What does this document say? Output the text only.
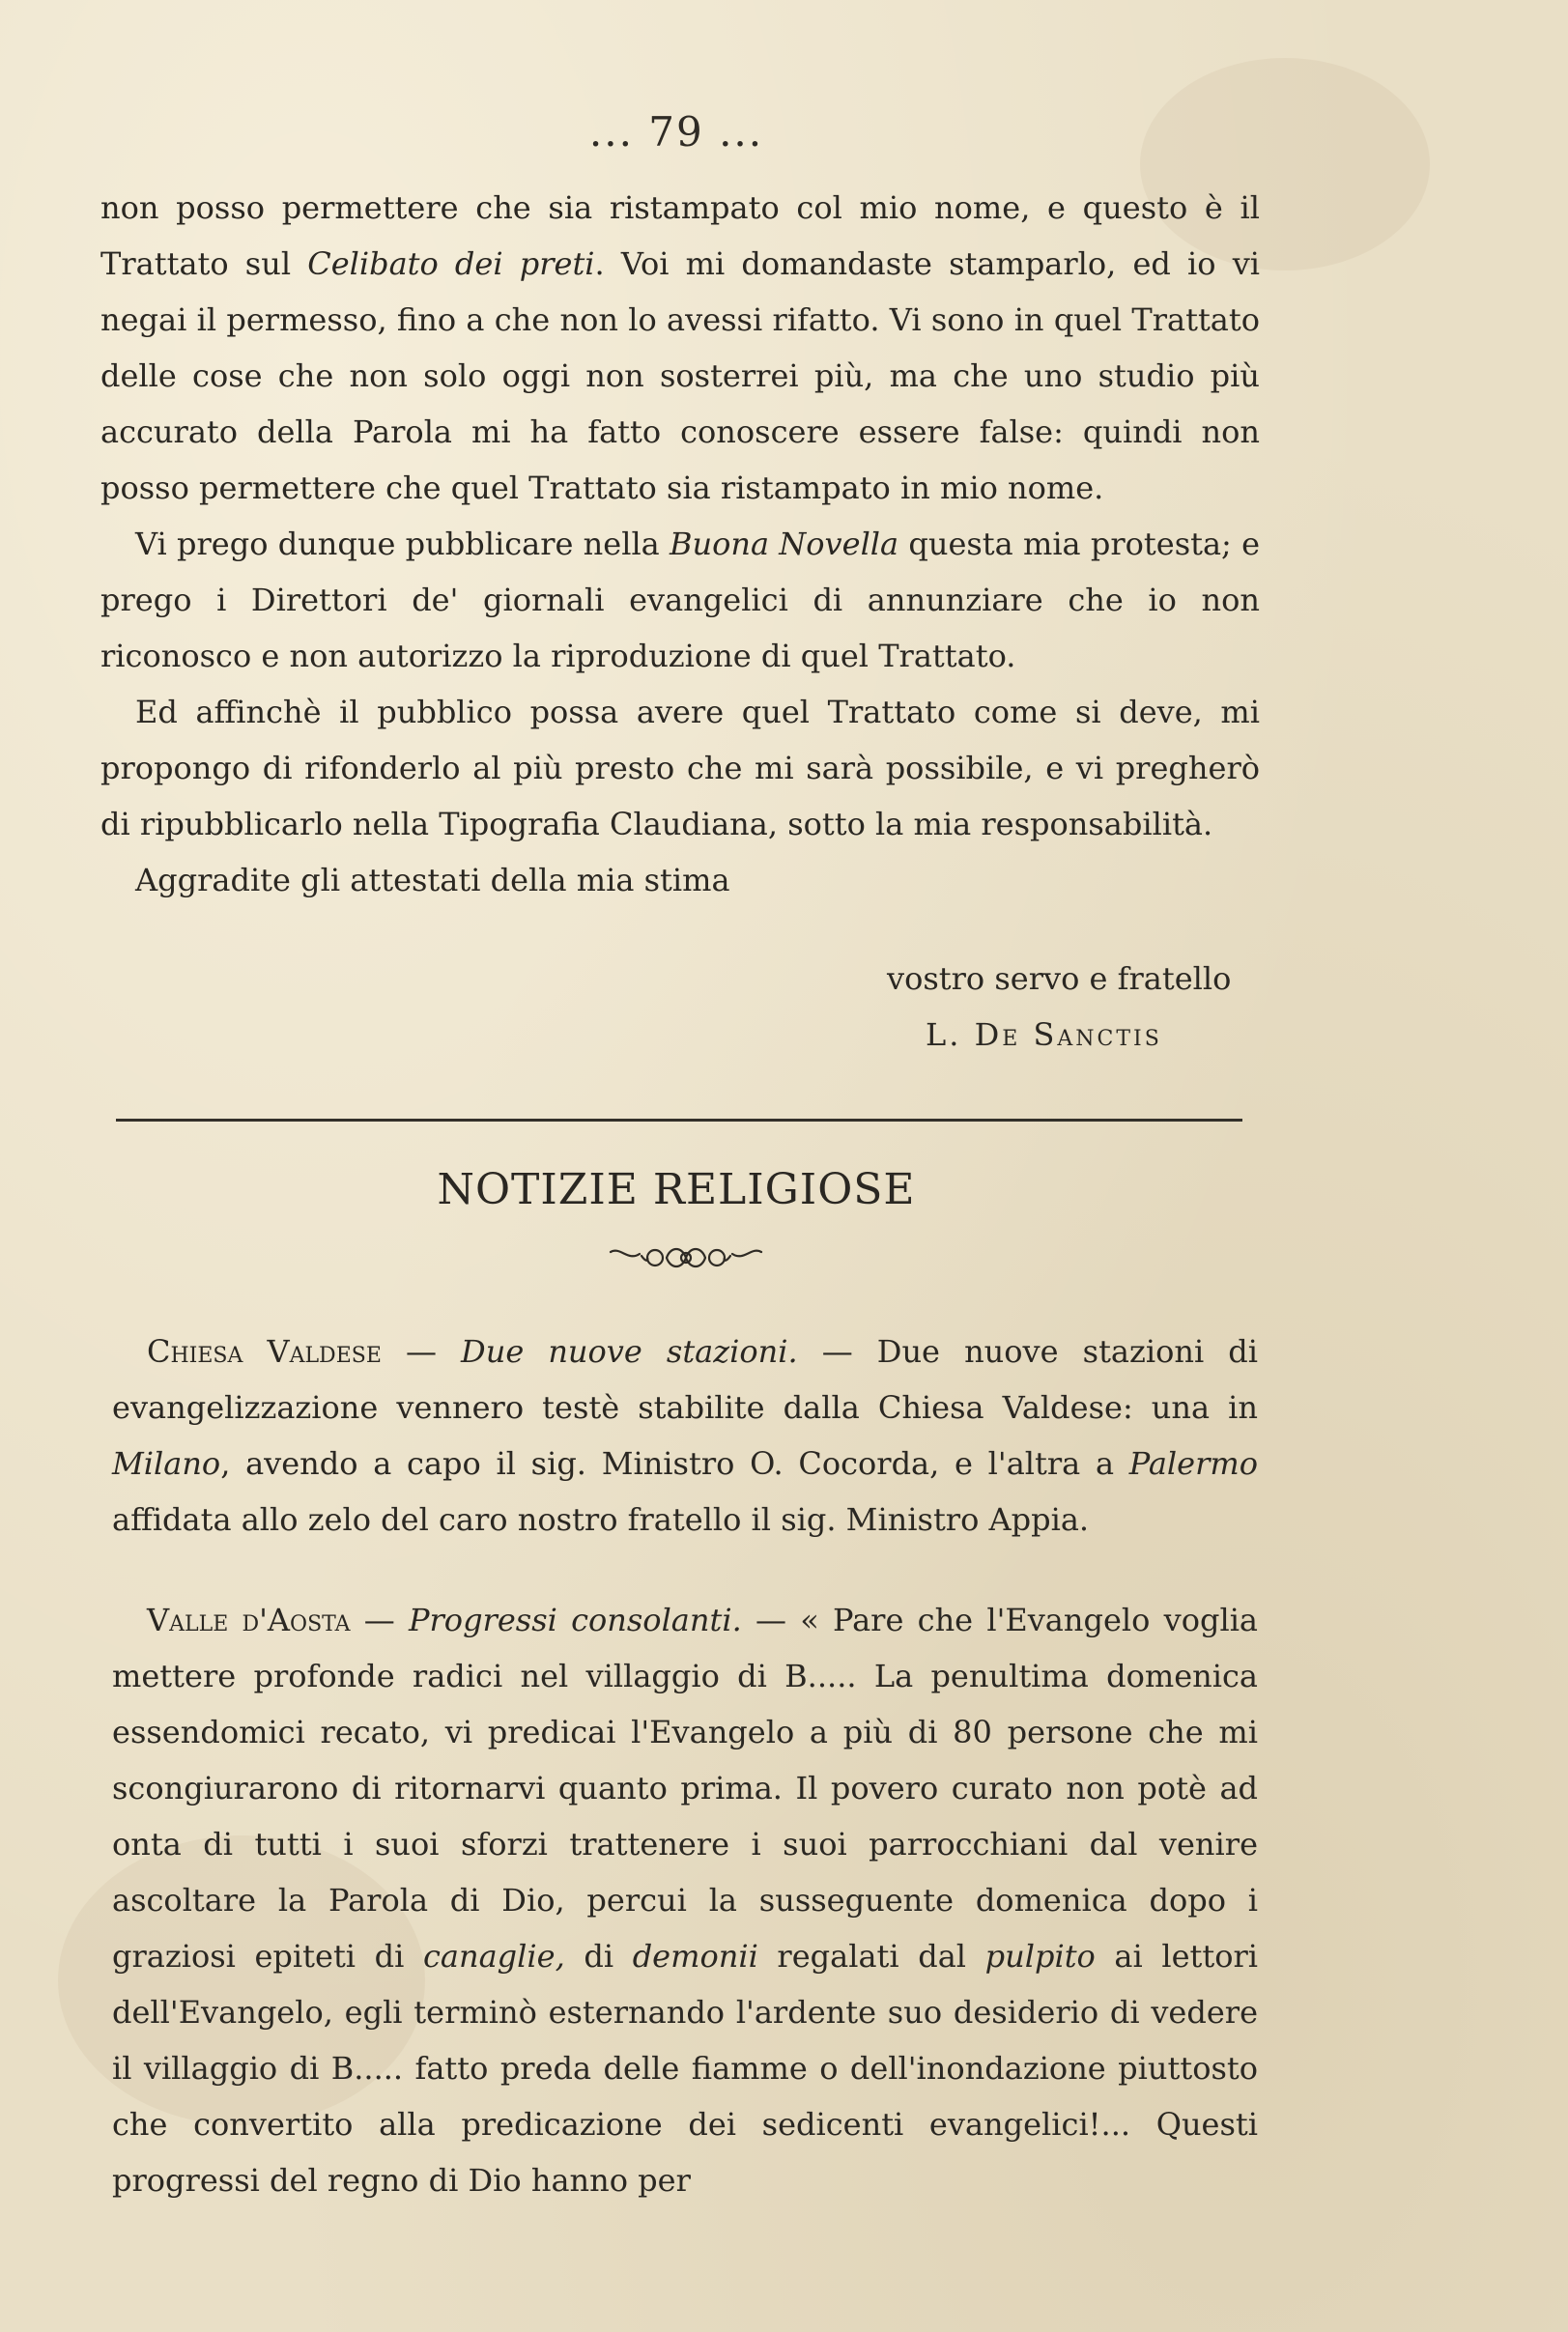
... 79 ...

non posso permettere che sia ristampato col mio nome, e questo è il Trattato sul Celibato dei preti. Voi mi domandaste stamparlo, ed io vi negai il permesso, fino a che non lo avessi rifatto. Vi sono in quel Trattato delle cose che non solo oggi non sosterrei più, ma che uno studio più accurato della Parola mi ha fatto conoscere essere false: quindi non posso permettere che quel Trattato sia ristampato in mio nome.

Vi prego dunque pubblicare nella Buona Novella questa mia protesta; e prego i Direttori de' giornali evangelici di annunziare che io non riconosco e non autorizzo la riproduzione di quel Trattato.

Ed affinchè il pubblico possa avere quel Trattato come si deve, mi propongo di rifonderlo al più presto che mi sarà possibile, e vi pregherò di ripubblicarlo nella Tipografia Claudiana, sotto la mia responsabilità.

Aggradite gli attestati della mia stima

vostro servo e fratello
L. De Sanctis
NOTIZIE RELIGIOSE

Chiesa Valdese — Due nuove stazioni. — Due nuove stazioni di evangelizzazione vennero testè stabilite dalla Chiesa Valdese: una in Milano, avendo a capo il sig. Ministro O. Cocorda, e l'altra a Palermo affidata allo zelo del caro nostro fratello il sig. Ministro Appia.

Valle d'Aosta — Progressi consolanti. — « Pare che l'Evangelo voglia mettere profonde radici nel villaggio di B..... La penultima domenica essendomici recato, vi predicai l'Evangelo a più di 80 persone che mi scongiurarono di ritornarvi quanto prima. Il povero curato non potè ad onta di tutti i suoi sforzi trattenere i suoi parrocchiani dal venire ascoltare la Parola di Dio, percui la susseguente domenica dopo i graziosi epiteti di canaglie, di demonii regalati dal pulpito ai lettori dell'Evangelo, egli terminò esternando l'ardente suo desiderio di vedere il villaggio di B..... fatto preda delle fiamme o dell'inondazione piuttosto che convertito alla predicazione dei sedicenti evangelici!... Questi progressi del regno di Dio hanno per
